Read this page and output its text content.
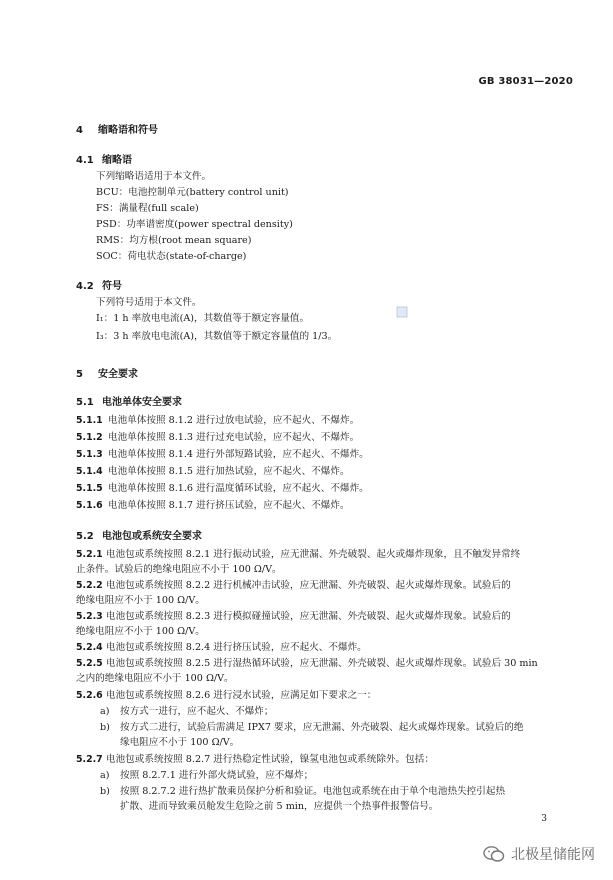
GB 38031—2020
4 缩略语和符号
4.1 缩略语
下列缩略语适用于本文件。
BCU：电池控制单元(battery control unit)
FS：满量程(full scale)
PSD：功率谱密度(power spectral density)
RMS：均方根(root mean square)
SOC：荷电状态(state-of-charge)
4.2 符号
下列符号适用于本文件。
I₁：1 h 率放电电流(A)，其数值等于额定容量值。
I₃：3 h 率放电电流(A)，其数值等于额定容量值的 1/3。
5 安全要求
5.1 电池单体安全要求
5.1.1 电池单体按照 8.1.2 进行过放电试验，应不起火、不爆炸。
5.1.2 电池单体按照 8.1.3 进行过充电试验，应不起火、不爆炸。
5.1.3 电池单体按照 8.1.4 进行外部短路试验，应不起火、不爆炸。
5.1.4 电池单体按照 8.1.5 进行加热试验，应不起火、不爆炸。
5.1.5 电池单体按照 8.1.6 进行温度循环试验，应不起火、不爆炸。
5.1.6 电池单体按照 8.1.7 进行挤压试验，应不起火、不爆炸。
5.2 电池包或系统安全要求
5.2.1 电池包或系统按照 8.2.1 进行振动试验，应无泄漏、外壳破裂、起火或爆炸现象，且不触发异常终
止条件。试验后的绝缘电阻应不小于 100 Ω/V。
5.2.2 电池包或系统按照 8.2.2 进行机械冲击试验，应无泄漏、外壳破裂、起火或爆炸现象。试验后的
绝缘电阻应不小于 100 Ω/V。
5.2.3 电池包或系统按照 8.2.3 进行模拟碰撞试验，应无泄漏、外壳破裂、起火或爆炸现象。试验后的
绝缘电阻应不小于 100 Ω/V。
5.2.4 电池包或系统按照 8.2.4 进行挤压试验，应不起火、不爆炸。
5.2.5 电池包或系统按照 8.2.5 进行湿热循环试验，应无泄漏、外壳破裂、起火或爆炸现象。试验后 30 min
之内的绝缘电阻应不小于 100 Ω/V。
5.2.6 电池包或系统按照 8.2.6 进行浸水试验，应满足如下要求之一：
a) 按方式一进行，应不起火、不爆炸；
b) 按方式二进行，试验后需满足 IPX7 要求，应无泄漏、外壳破裂、起火或爆炸现象。试验后的绝
缘电阻应不小于 100 Ω/V。
5.2.7 电池包或系统按照 8.2.7 进行热稳定性试验，镍氢电池包或系统除外。包括：
a) 按照 8.2.7.1 进行外部火烧试验，应不爆炸；
b) 按照 8.2.7.2 进行热扩散乘员保护分析和验证。电池包或系统在由于单个电池热失控引起热
扩散、进而导致乘员舱发生危险之前 5 min，应提供一个热事件报警信号。
3
北极星储能网
